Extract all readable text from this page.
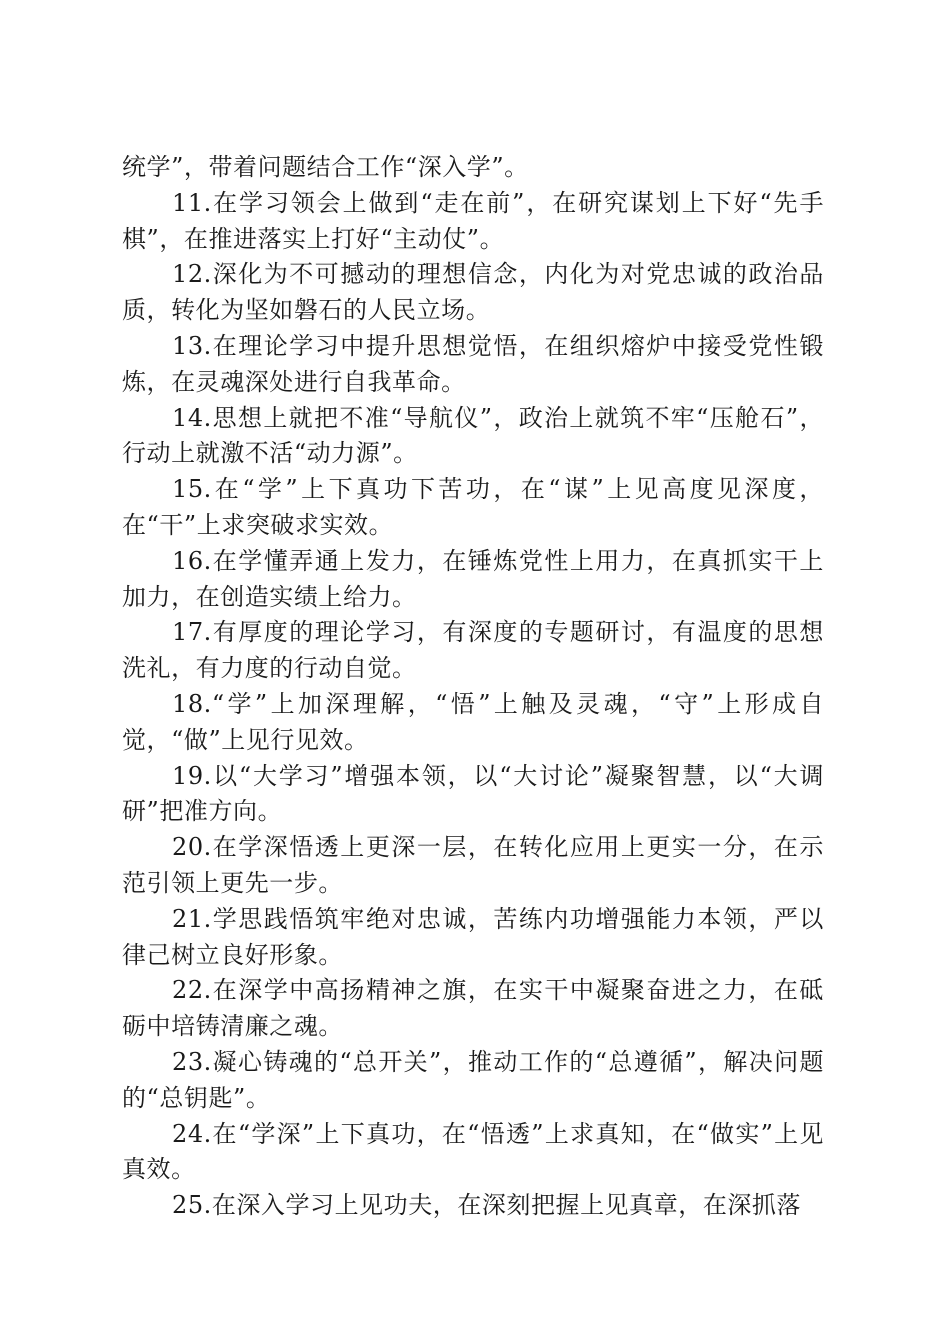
统学”，带着问题结合工作“深入学”。

11.在学习领会上做到“走在前”，在研究谋划上下好“先手棋”，在推进落实上打好“主动仗”。

12.深化为不可撼动的理想信念，内化为对党忠诚的政治品质，转化为坚如磐石的人民立场。

13.在理论学习中提升思想觉悟，在组织熔炉中接受党性锻炼，在灵魂深处进行自我革命。

14.思想上就把不准“导航仪”，政治上就筑不牢“压舱石”，行动上就激不活“动力源”。

15.在“学”上下真功下苦功，在“谋”上见高度见深度，在“干”上求突破求实效。

16.在学懂弄通上发力，在锤炼党性上用力，在真抓实干上加力，在创造实绩上给力。

17.有厚度的理论学习，有深度的专题研讨，有温度的思想洗礼，有力度的行动自觉。

18.“学”上加深理解，“悟”上触及灵魂，“守”上形成自觉，“做”上见行见效。

19.以“大学习”增强本领，以“大讨论”凝聚智慧，以“大调研”把准方向。

20.在学深悟透上更深一层，在转化应用上更实一分，在示范引领上更先一步。

21.学思践悟筑牢绝对忠诚，苦练内功增强能力本领，严以律己树立良好形象。

22.在深学中高扬精神之旗，在实干中凝聚奋进之力，在砥砺中培铸清廉之魂。

23.凝心铸魂的“总开关”，推动工作的“总遵循”，解决问题的“总钥匙”。

24.在“学深”上下真功，在“悟透”上求真知，在“做实”上见真效。

25.在深入学习上见功夫，在深刻把握上见真章，在深抓落
